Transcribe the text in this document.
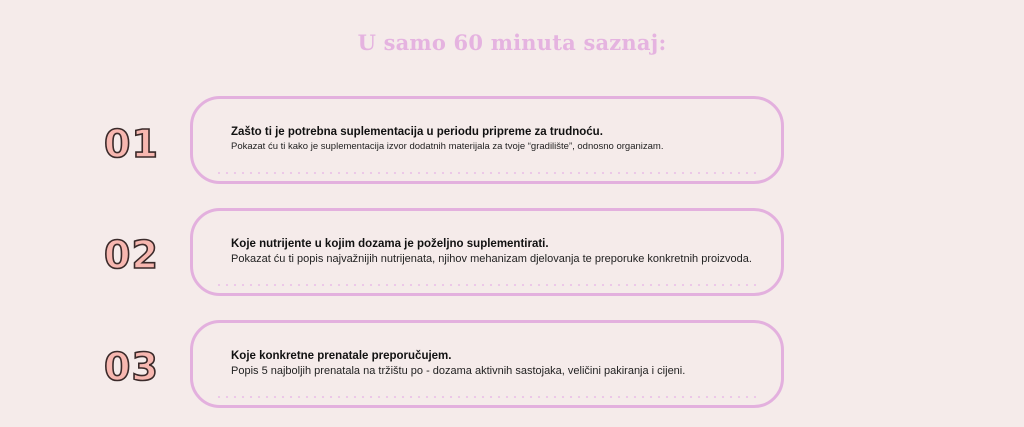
U samo 60 minuta saznaj:
01	Zašto ti je potrebna suplementacija u periodu pripreme za trudnoću.
Pokazat ću ti kako je suplementacija izvor dodatnih materijala za tvoje “gradilište”, odnosno organizam.
02	Koje nutrijente u kojim dozama je poželjno suplementirati.
Pokazat ću ti popis najvažnijih nutrijenata, njihov mehanizam djelovanja te preporuke konkretnih proizvoda.
03	Koje konkretne prenatale preporučujem.
Popis 5 najboljih prenatala na tržištu po - dozama aktivnih sastojaka, veličini pakiranja i cijeni.
